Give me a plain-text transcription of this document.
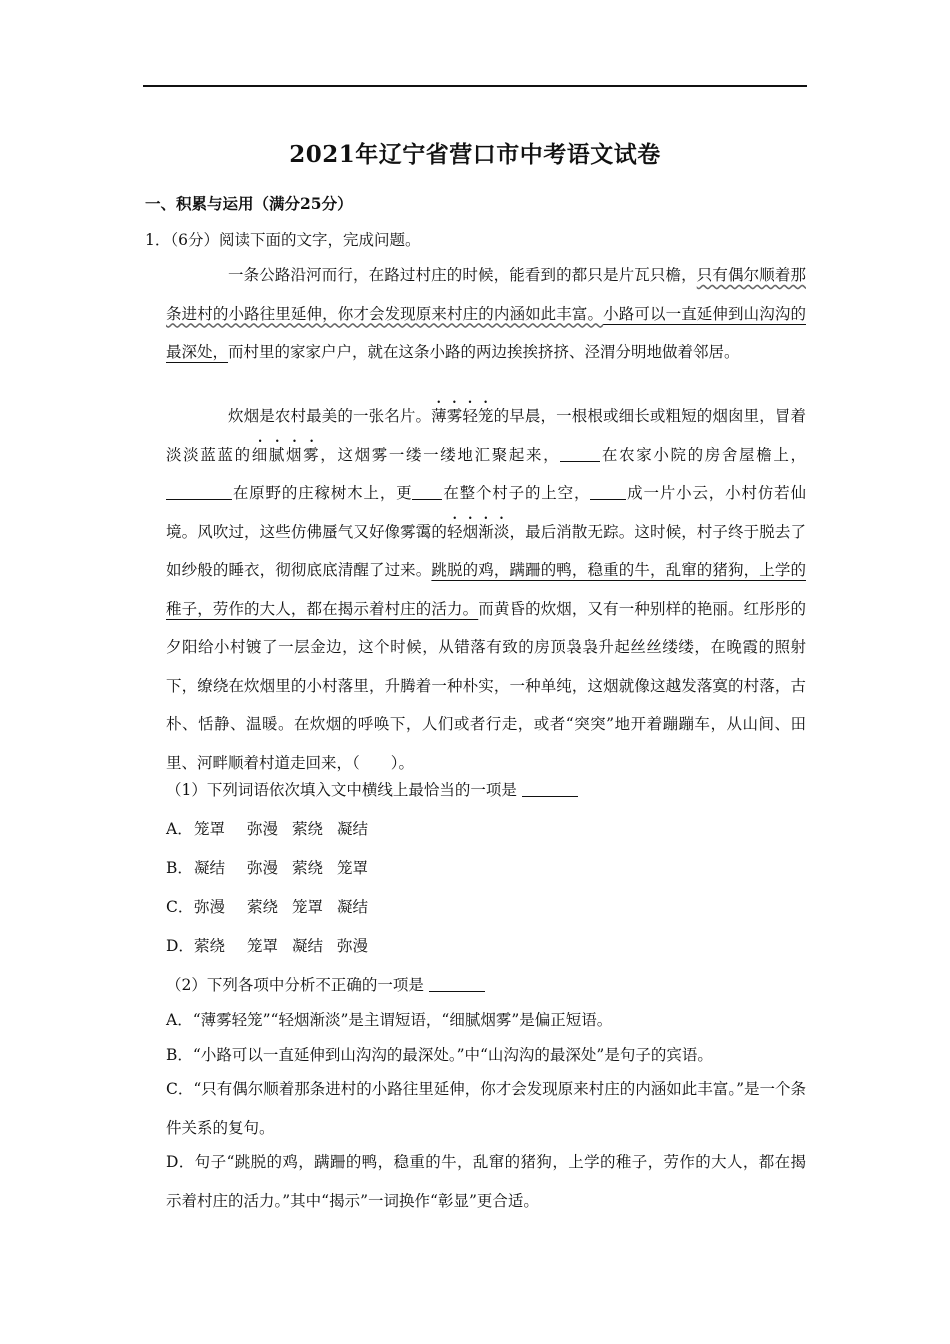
2021年辽宁省营口市中考语文试卷
一、积累与运用（满分25分）
1．（6分）阅读下面的文字，完成问题。

一条公路沿河而行，在路过村庄的时候，能看到的都只是片瓦只檐，只有偶尔顺着那条进村的小路往里延伸，你才会发现原来村庄的内涵如此丰富。小路可以一直延伸到山沟沟的最深处，而村里的家家户户，就在这条小路的两边挨挨挤挤、泾渭分明地做着邻居。

炊烟是农村最美的一张名片。薄雾轻笼的早晨，一根根或细长或粗短的烟囱里，冒着淡淡蓝蓝的细腻烟雾，这烟雾一缕一缕地汇聚起来，	在农家小院的房舍屋檐上，在原野的庄稼树木上，更 在整个村子的上空， 成一片小云，小村仿若仙境。风吹过，这些仿佛蜃气又好像雾霭的轻烟渐淡，最后消散无踪。这时候，村子终于脱去了如纱般的睡衣，彻彻底底清醒了过来。跳脱的鸡，蹒跚的鸭，稳重的牛，乱窜的猪狗，上学的稚子，劳作的大人，都在揭示着村庄的活力。而黄昏的炊烟，又有一种别样的艳丽。红彤彤的夕阳给小村镀了一层金边，这个时候，从错落有致的房顶袅袅升起丝丝缕缕，在晚霞的照射下，缭绕在炊烟里的小村落里，升腾着一种朴实，一种单纯，这烟就像这越发落寞的村落，古朴、恬静、温暖。在炊烟的呼唤下，人们或者行走，或者“突突”地开着蹦蹦车，从山间、田里、河畔顺着村道走回来，（　　）。

（1）下列词语依次填入文中横线上最恰当的一项是
A．笼罩 弥漫 萦绕 凝结
B．凝结 弥漫 萦绕 笼罩
C．弥漫 萦绕 笼罩 凝结
D．萦绕 笼罩 凝结 弥漫
（2）下列各项中分析不正确的一项是
A．“薄雾轻笼”“轻烟渐淡”是主谓短语，“细腻烟雾”是偏正短语。
B．“小路可以一直延伸到山沟沟的最深处。”中“山沟沟的最深处”是句子的宾语。
C．“只有偶尔顺着那条进村的小路往里延伸，你才会发现原来村庄的内涵如此丰富。”是一个条件关系的复句。
D．句子“跳脱的鸡，蹒跚的鸭，稳重的牛，乱窜的猪狗，上学的稚子，劳作的大人，都在揭示着村庄的活力。”其中“揭示”一词换作“彰显”更合适。
